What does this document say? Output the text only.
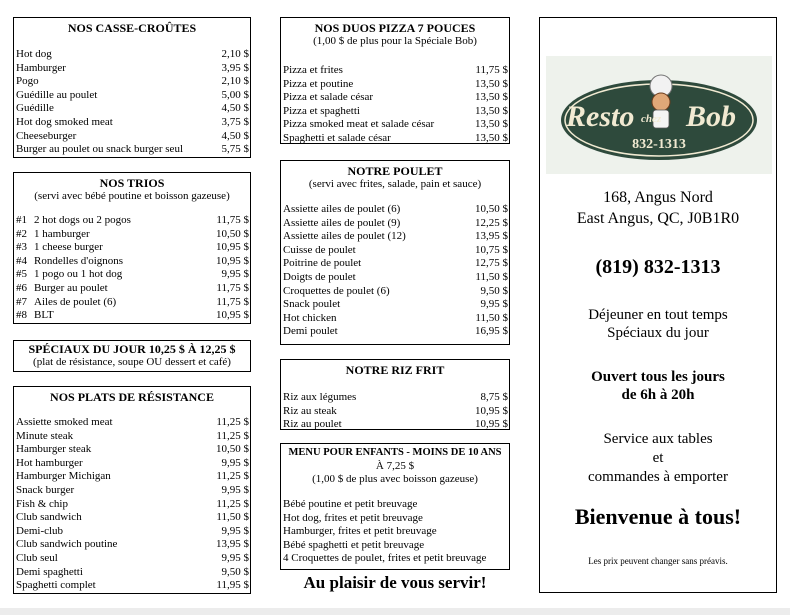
NOS CASSE-CROÛTES
Hot dog	2,10 $
Hamburger	3,95 $
Pogo	2,10 $
Guédille au poulet	5,00 $
Guédille	4,50 $
Hot dog smoked meat	3,75 $
Cheeseburger	4,50 $
Burger au poulet ou snack burger seul	5,75 $
NOS TRIOS
(servi avec bébé poutine et boisson gazeuse)
#1 2 hot dogs ou 2 pogos	11,75 $
#2 1 hamburger	10,50 $
#3 1 cheese burger	10,95 $
#4 Rondelles d'oignons	10,95 $
#5 1 pogo ou 1 hot dog	9,95 $
#6 Burger au poulet	11,75 $
#7 Ailes de poulet (6)	11,75 $
#8 BLT	10,95 $
SPÉCIAUX DU JOUR 10,25 $ À 12,25 $
(plat de résistance, soupe OU dessert et café)
NOS PLATS DE RÉSISTANCE
Assiette smoked meat	11,25 $
Minute steak	11,25 $
Hamburger steak	10,50 $
Hot hamburger	9,95 $
Hamburger Michigan	11,25 $
Snack burger	9,95 $
Fish & chip	11,25 $
Club sandwich	11,50 $
Demi-club	9,95 $
Club sandwich poutine	13,95 $
Club seul	9,95 $
Demi spaghetti	9,50 $
Spaghetti complet	11,95 $
NOS DUOS PIZZA 7 POUCES
(1,00 $ de plus pour la Spéciale Bob)
Pizza et frites	11,75 $
Pizza et poutine	13,50 $
Pizza et salade césar	13,50 $
Pizza et spaghetti	13,50 $
Pizza smoked meat et salade césar	13,50 $
Spaghetti et salade césar	13,50 $
NOTRE POULET
(servi avec frites, salade, pain et sauce)
Assiette ailes de poulet (6)	10,50 $
Assiette ailes de poulet (9)	12,25 $
Assiette ailes de poulet (12)	13,95 $
Cuisse de poulet	10,75 $
Poitrine de poulet	12,75 $
Doigts de poulet	11,50 $
Croquettes de poulet (6)	9,50 $
Snack poulet	9,95 $
Hot chicken	11,50 $
Demi poulet	16,95 $
NOTRE RIZ FRIT
Riz aux légumes	8,75 $
Riz au steak	10,95 $
Riz au poulet	10,95 $
MENU POUR ENFANTS - MOINS DE 10 ANS
À 7,25 $
(1,00 $ de plus avec boisson gazeuse)
Bébé poutine et petit breuvage
Hot dog, frites et petit breuvage
Hamburger, frites et petit breuvage
Bébé spaghetti et petit breuvage
4 Croquettes de poulet, frites et petit breuvage
Au plaisir de vous servir!
Resto chez Bob
832-1313
168, Angus Nord
East Angus, QC, J0B1R0
(819) 832-1313
Déjeuner en tout temps
Spéciaux du jour
Ouvert tous les jours
de 6h à 20h
Service aux tables
et
commandes à emporter
Bienvenue à tous!
Les prix peuvent changer sans préavis.
